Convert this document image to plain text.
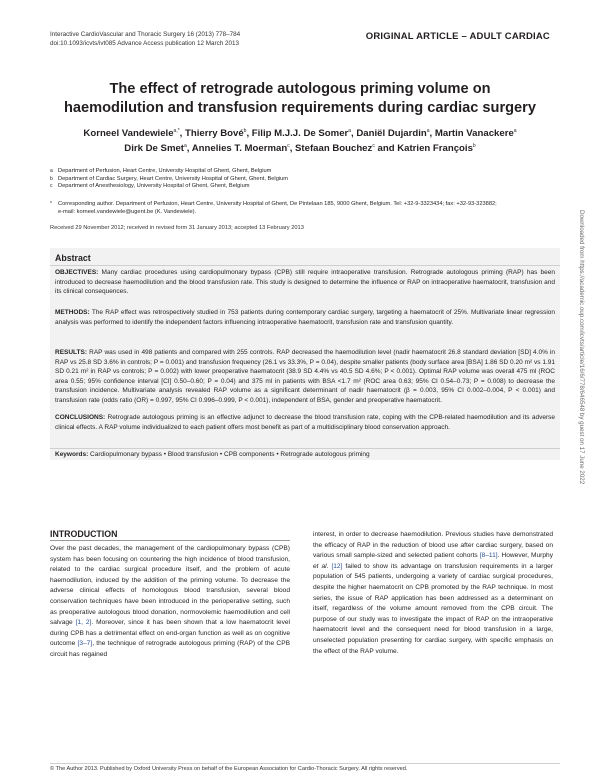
Interactive CardioVascular and Thoracic Surgery 16 (2013) 778–784
doi:10.1093/icvts/ivt085 Advance Access publication 12 March 2013
ORIGINAL ARTICLE – ADULT CARDIAC
The effect of retrograde autologous priming volume on
haemodilution and transfusion requirements during cardiac surgery
Korneel Vandewiele$^{a,*}$, Thierry Bové$^b$, Filip M.J.J. De Somer$^a$, Daniël Dujardin$^a$, Martin Vanackere$^a$
Dirk De Smet$^a$, Annelies T. Moerman$^c$, Stefaan Bouchez$^c$ and Katrien François$^b$
a Department of Perfusion, Heart Centre, University Hospital of Ghent, Ghent, Belgium
b Department of Cardiac Surgery, Heart Centre, University Hospital of Ghent, Ghent, Belgium
c Department of Anesthesiology, University Hospital of Ghent, Ghent, Belgium
* Corresponding author. Department of Perfusion, Heart Centre, University Hospital of Ghent, De Pintelaan 185, 9000 Ghent, Belgium. Tel: +32-9-3323434; fax: +32-93-323882;
e-mail: korneel.vandewiele@ugent.be (K. Vandewiele).
Received 29 November 2012; received in revised form 31 January 2013; accepted 13 February 2013
Abstract
OBJECTIVES: Many cardiac procedures using cardiopulmonary bypass (CPB) still require intraoperative transfusion. Retrograde autologous priming (RAP) has been introduced to decrease haemodilution and the blood transfusion rate. This study is designed to determine the influence or RAP on intraoperative haematocrit, transfusion and its clinical consequences.
METHODS: The RAP effect was retrospectively studied in 753 patients during contemporary cardiac surgery, targeting a haematocrit of 25%. Multivariate linear regression analysis was performed to identify the independent factors influencing intraoperative haematocrit, transfusion rate and transfusion quantity.
RESULTS: RAP was used in 498 patients and compared with 255 controls. RAP decreased the haemodilution level (nadir haematocrit 26.8 standard deviation [SD] 4.0% in RAP vs 25.8 SD 3.6% in controls; P = 0.001) and transfusion frequency (26.1 vs 33.3%, P = 0.04), despite smaller patients (body surface area [BSA] 1.86 SD 0.20 m² vs 1.91 SD 0.21 m² in RAP vs controls; P = 0.002) with lower preoperative haematocrit (38.9 SD 4.4% vs 40.5 SD 4.6%; P < 0.001). Optimal RAP volume was overall 475 ml (ROC area 0.55; 95% confidence interval [CI] 0.50–0.60; P = 0.04) and 375 ml in patients with BSA <1.7 m² (ROC area 0.63; 95% CI 0.54–0.73; P = 0.008) to decrease the transfusion incidence. Multivariate analysis revealed RAP volume as a significant determinant of nadir haematocrit (β = 0.003, 95% CI 0.002–0.004, P < 0.001) and transfusion rate (odds ratio (OR) = 0.997, 95% CI 0.996–0.999, P < 0.001), independent of BSA, gender and preoperative haematocrit.
CONCLUSIONS: Retrograde autologous priming is an effective adjunct to decrease the blood transfusion rate, coping with the CPB-related haemodilution and its adverse clinical effects. A RAP volume individualized to each patient offers most benefit as part of a multidisciplinary blood conservation approach.
Keywords: Cardiopulmonary bypass • Blood transfusion • CPB components • Retrograde autologous priming
INTRODUCTION
Over the past decades, the management of the cardiopulmonary bypass (CPB) system has been focusing on countering the high incidence of blood transfusion, related to the cardiac surgical procedure itself, and the problem of acute haemodilution, induced by the addition of the priming volume. To decrease the adverse clinical effects of homologous blood transfusion, several blood conservation techniques have been introduced in the perioperative setting, such as preoperative autologous blood donation, normovolemic haemodilution and cell salvage [1, 2]. Moreover, since it has been shown that a low haematocrit level during CPB has a detrimental effect on end-organ function as well as on cognitive outcome [3–7], the technique of retrograde autologous priming (RAP) of the CPB circuit has regained
interest, in order to decrease haemodilution. Previous studies have demonstrated the efficacy of RAP in the reduction of blood use after cardiac surgery, based on various small sample-sized and selected patient cohorts [8–11]. However, Murphy et al. [12] failed to show its advantage on transfusion requirements in a larger population of 545 patients, undergoing a variety of cardiac surgical procedures, despite the higher haematocrit on CPB promoted by the RAP technique. In most series, the issue of RAP application has been addressed as a determinant on itself, regardless of the volume amount removed from the CPB circuit. The purpose of our study was to investigate the impact of RAP on the intraoperative haematocrit level and the consequent need for blood transfusion in a large, unselected population presenting for cardiac surgery, with specific emphasis on the effect of the RAP volume.
© The Author 2013. Published by Oxford University Press on behalf of the European Association for Cardio-Thoracic Surgery. All rights reserved.
Downloaded from https://academic.oup.com/icvts/article/16/6/778/646548 by guest on 17 June 2022
